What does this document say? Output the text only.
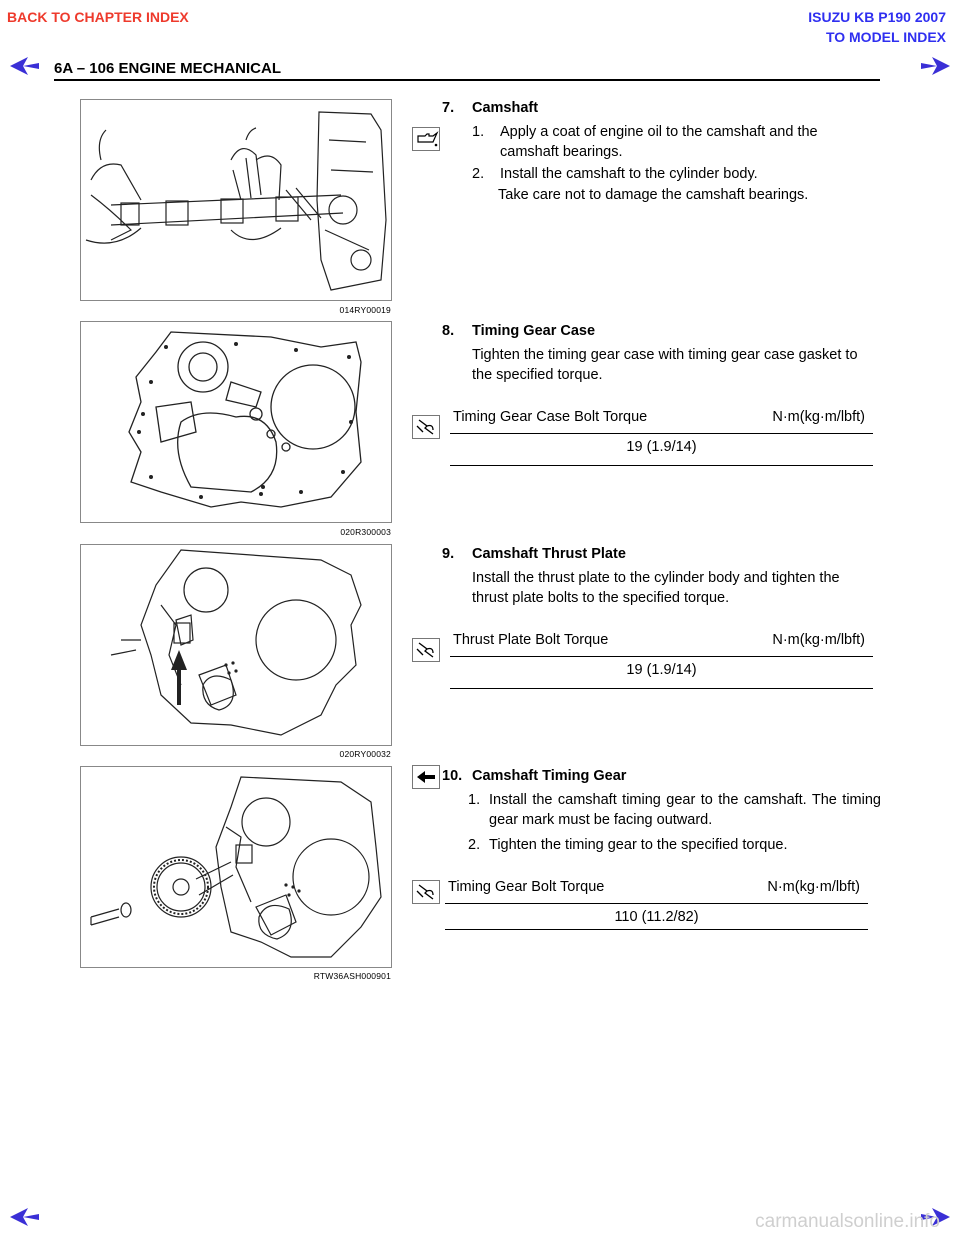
BACK TO CHAPTER INDEX	ISUZU KB P190 2007
TO MODEL INDEX
6A – 106 ENGINE MECHANICAL
014RY00019
7. Camshaft
1.	Apply a coat of engine oil to the camshaft and the camshaft bearings.
2.	Install the camshaft to the cylinder body.
Take care not to damage the camshaft bearings.
020R300003
8. Timing Gear Case
Tighten the timing gear case with timing gear case gasket to the specified torque.
Timing Gear Case Bolt Torque	N·m(kg·m/lbft)
19 (1.9/14)
020RY00032
9. Camshaft Thrust Plate
Install the thrust plate to the cylinder body and tighten the thrust plate bolts to the specified torque.
Thrust Plate Bolt Torque	N·m(kg·m/lbft)
19 (1.9/14)
RTW36ASH000901
10. Camshaft Timing Gear
1. Install the camshaft timing gear to the camshaft. The timing gear mark must be facing outward.
2. Tighten the timing gear to the specified torque.
Timing Gear Bolt Torque	N·m(kg·m/lbft)
110 (11.2/82)
carmanualsonline.info
